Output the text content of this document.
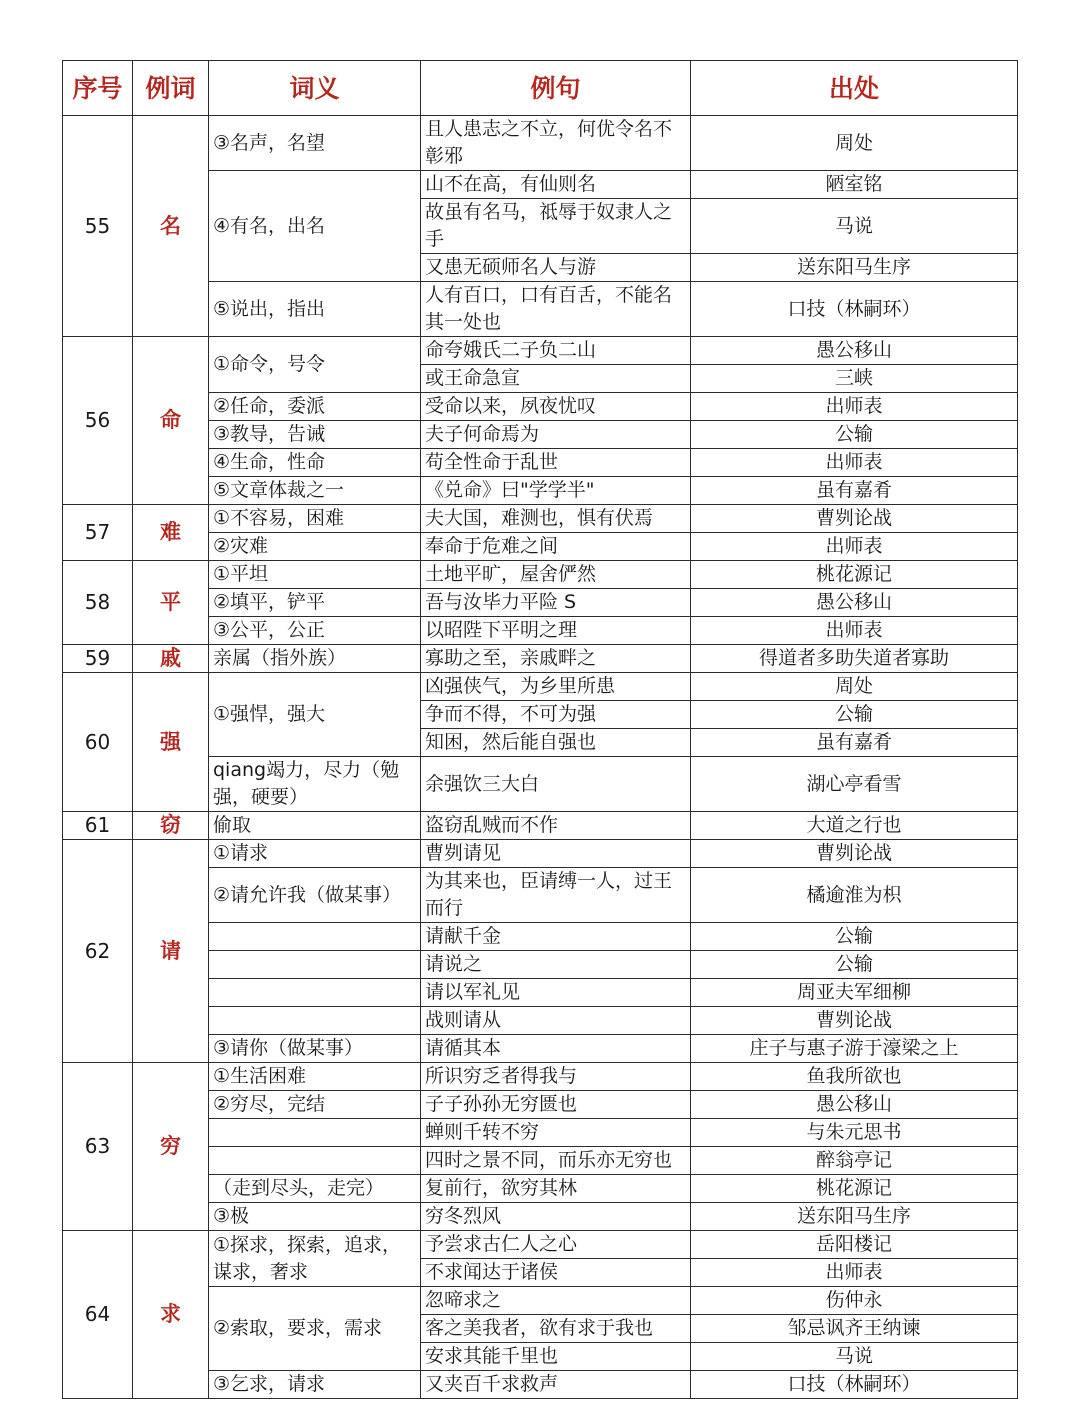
序号	例词	词义	例句	出处
55	名	③名声，名望	且人患志之不立，何优令名不彰邪	周处
		④有名，出名	山不在高，有仙则名	陋室铭
			故虽有名马，祗辱于奴隶人之手	马说
			又患无硕师名人与游	送东阳马生序
		⑤说出，指出	人有百口，口有百舌，不能名其一处也	口技（林嗣环）
56	命	①命令，号令	命夸娥氏二子负二山	愚公移山
			或王命急宣	三峡
		②任命，委派	受命以来，夙夜忧叹	出师表
		③教导，告诫	夫子何命焉为	公输
		④生命，性命	苟全性命于乱世	出师表
		⑤文章体裁之一	《兑命》曰"学学半"	虽有嘉肴
57	难	①不容易，困难	夫大国，难测也，惧有伏焉	曹刿论战
		②灾难	奉命于危难之间	出师表
58	平	①平坦	土地平旷，屋舍俨然	桃花源记
		②填平，铲平	吾与汝毕力平险 S	愚公移山
		③公平，公正	以昭陛下平明之理	出师表
59	戚	亲属（指外族）	寡助之至，亲戚畔之	得道者多助失道者寡助
60	强	①强悍，强大	凶强侠气，为乡里所患	周处
			争而不得，不可为强	公输
			知困，然后能自强也	虽有嘉肴
		qiang竭力，尽力（勉强，硬要）	余强饮三大白	湖心亭看雪
61	窃	偷取	盗窃乱贼而不作	大道之行也
62	请	①请求	曹刿请见	曹刿论战
		②请允许我（做某事）	为其来也，臣请缚一人，过王而行	橘逾淮为枳
			请献千金	公输
			请说之	公输
			请以军礼见	周亚夫军细柳
			战则请从	曹刿论战
		③请你（做某事）	请循其本	庄子与惠子游于濠梁之上
63	穷	①生活困难	所识穷乏者得我与	鱼我所欲也
		②穷尽，完结	子子孙孙无穷匮也	愚公移山
			蝉则千转不穷	与朱元思书
			四时之景不同，而乐亦无穷也	醉翁亭记
		（走到尽头，走完）	复前行，欲穷其林	桃花源记
		③极	穷冬烈风	送东阳马生序
64	求	①探求，探索，追求，谋求，奢求	予尝求古仁人之心	岳阳楼记
			不求闻达于诸侯	出师表
		②索取，要求，需求	忽啼求之	伤仲永
			客之美我者，欲有求于我也	邹忌讽齐王纳谏
			安求其能千里也	马说
		③乞求，请求	又夹百千求救声	口技（林嗣环）
